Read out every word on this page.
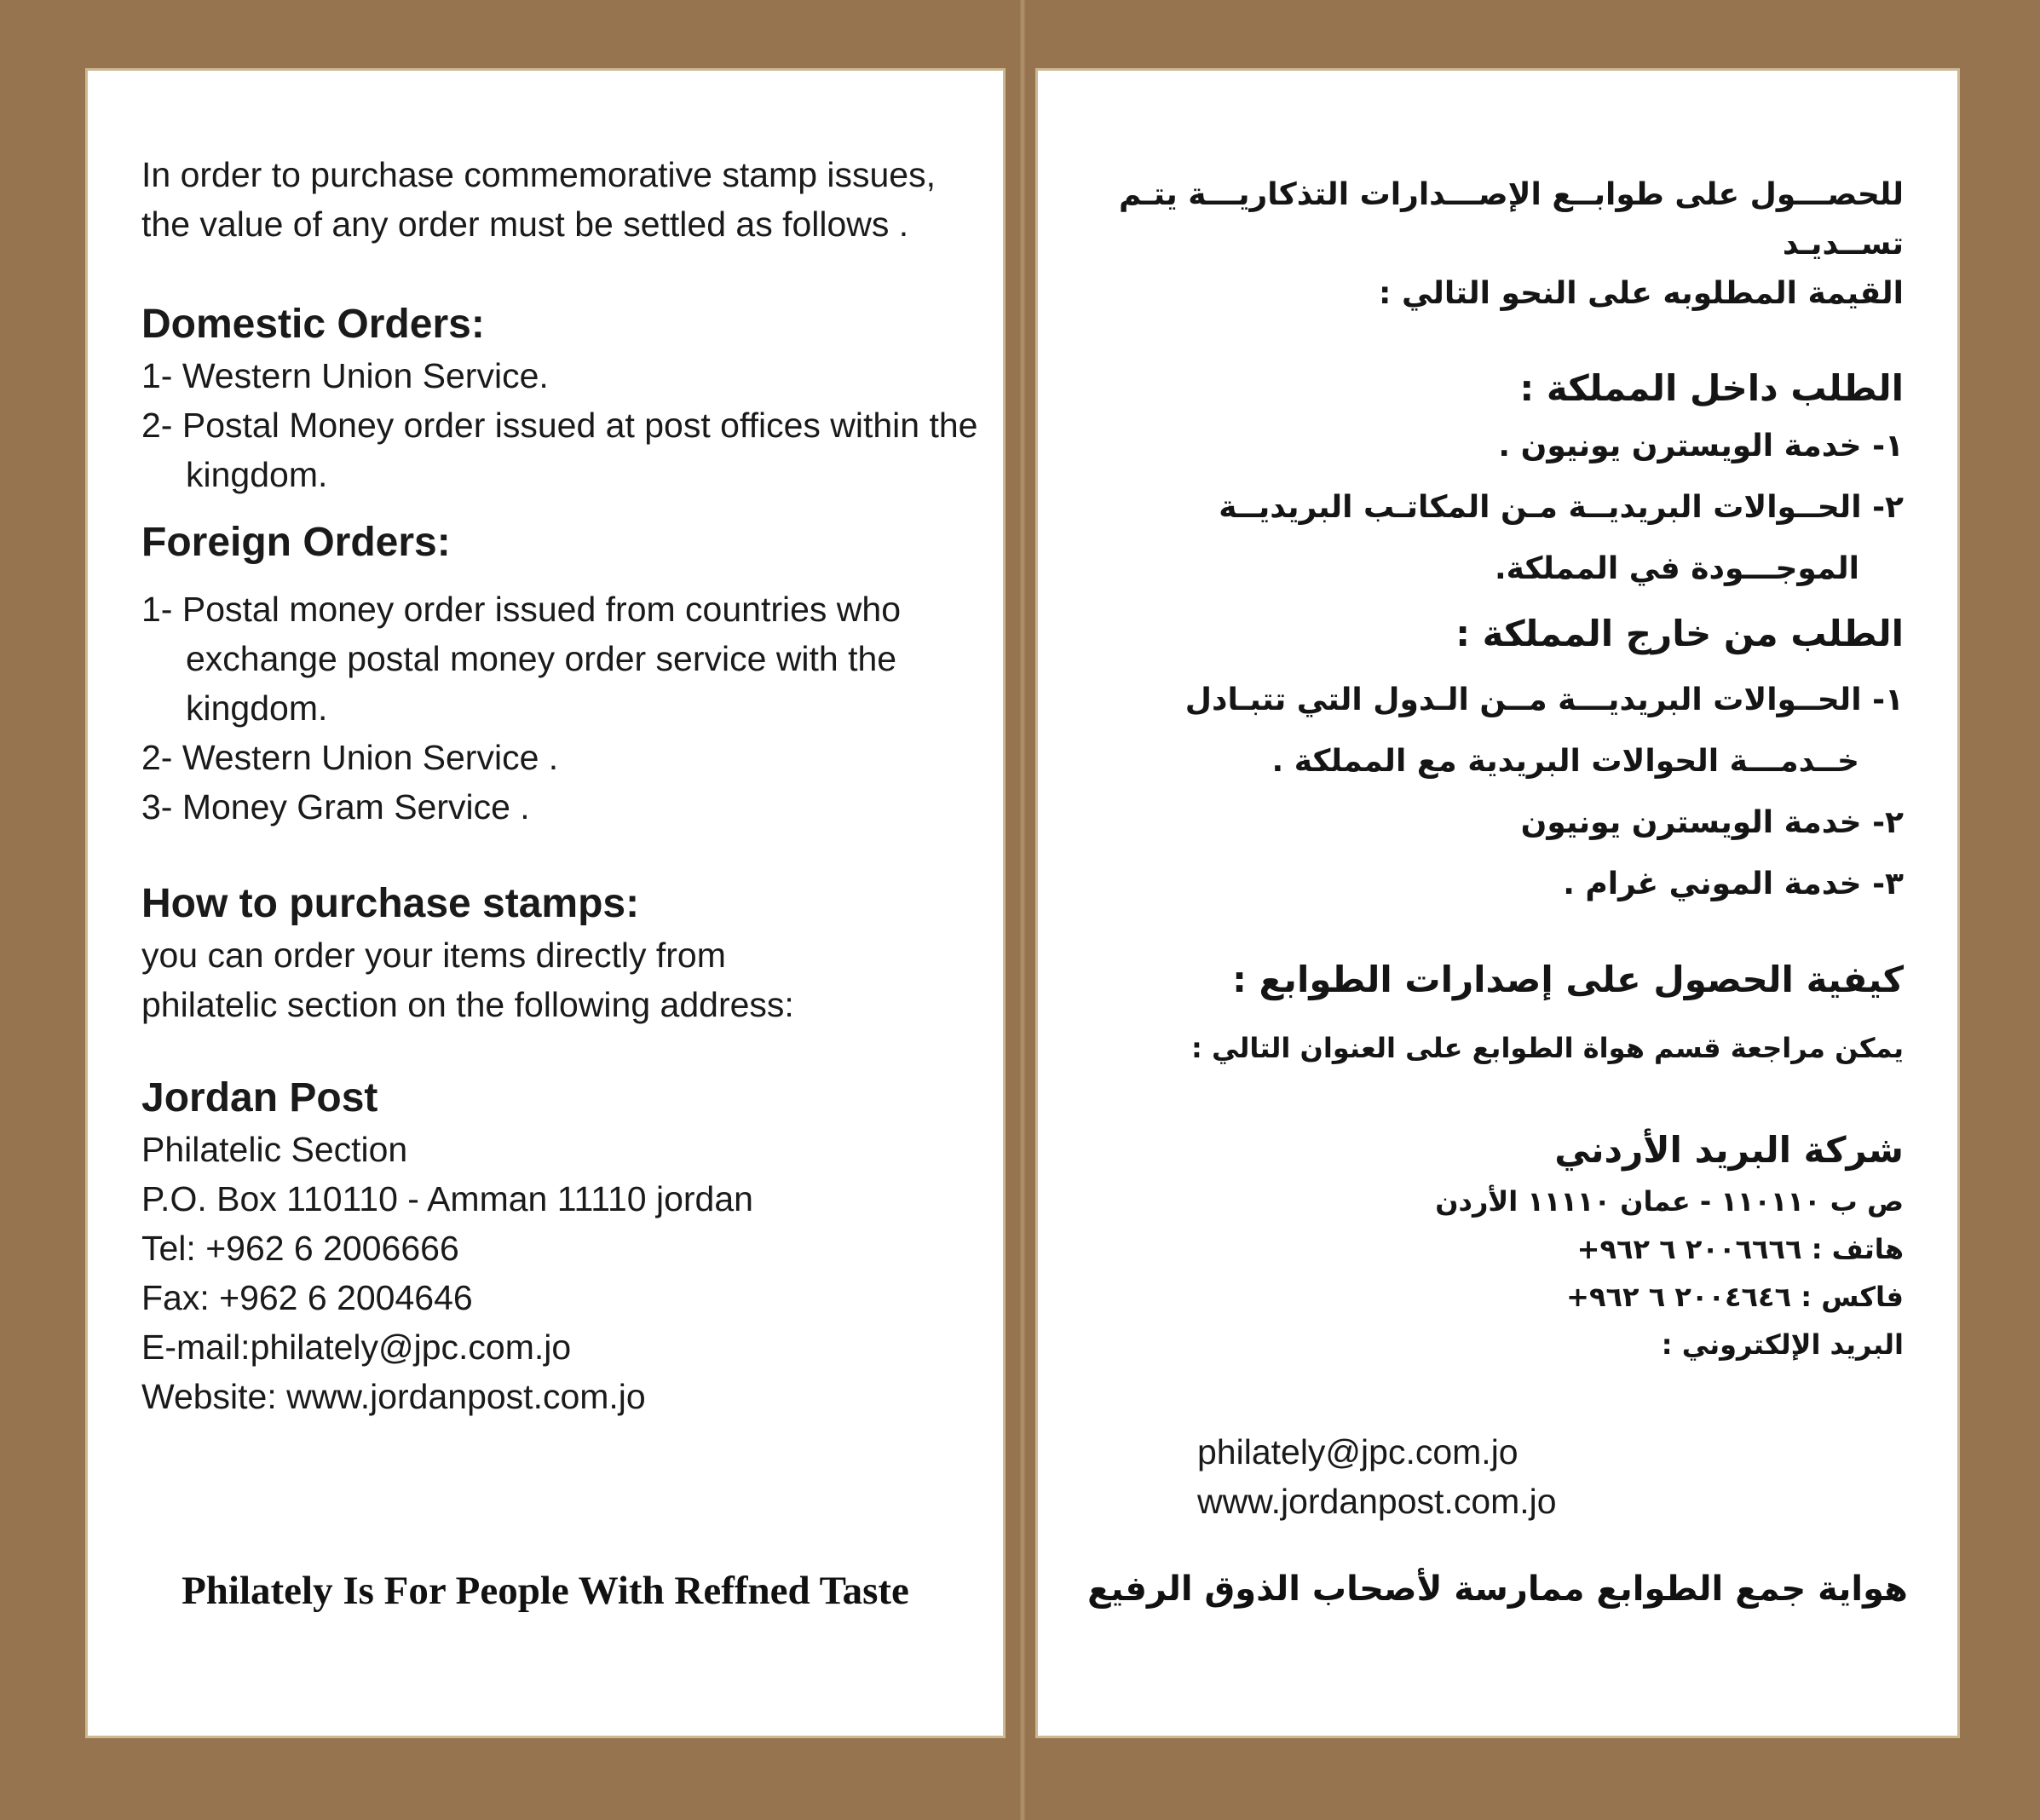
In order to purchase commemorative stamp issues,

the value of any order must be settled as follows .

Domestic Orders:

1- Western Union Service.

2- Postal Money order issued at post offices within the kingdom.

Foreign Orders:

1- Postal money order issued from countries who exchange postal money order service with the kingdom.

2- Western Union Service .

3- Money Gram Service .

How to purchase stamps:

you can order your items directly from

philatelic section on the following address:

Jordan Post

Philatelic Section

P.O. Box 110110 - Amman 11110 jordan

Tel: +962 6 2006666

Fax: +962 6 2004646

E-mail:philately@jpc.com.jo

Website: www.jordanpost.com.jo

Philately Is For People With Reffned Taste

للحصـــول على طوابــع الإصـــدارات التذكاريـــة يتـم تســديـد

القيمة المطلوبه على النحو التالي :

الطلب داخل المملكة :

١- خدمة الويسترن يونيون .

٢- الحــوالات البريديــة مـن المكاتـب البريديــة الموجـــودة في المملكة.

الطلب من خارج المملكة :

١- الحــوالات البريديـــة مــن الـدول التي تتبـادل خــدمـــة الحوالات البريدية مع المملكة .

٢- خدمة الويسترن يونيون

٣- خدمة الموني غرام .

كيفية الحصول على إصدارات الطوابع :

يمكن مراجعة قسم هواة الطوابع على العنوان التالي :

شركة البريد الأردني

ص ب ١١٠١١٠ - عمان ١١١١٠ الأردن

هاتف : ٢٠٠٦٦٦٦ ٦ ٩٦٢+

فاكس : ٢٠٠٤٦٤٦ ٦ ٩٦٢+

البريد الإلكتروني :

philately@jpc.com.jo
www.jordanpost.com.jo
هواية جمع الطوابع ممارسة لأصحاب الذوق الرفيع
